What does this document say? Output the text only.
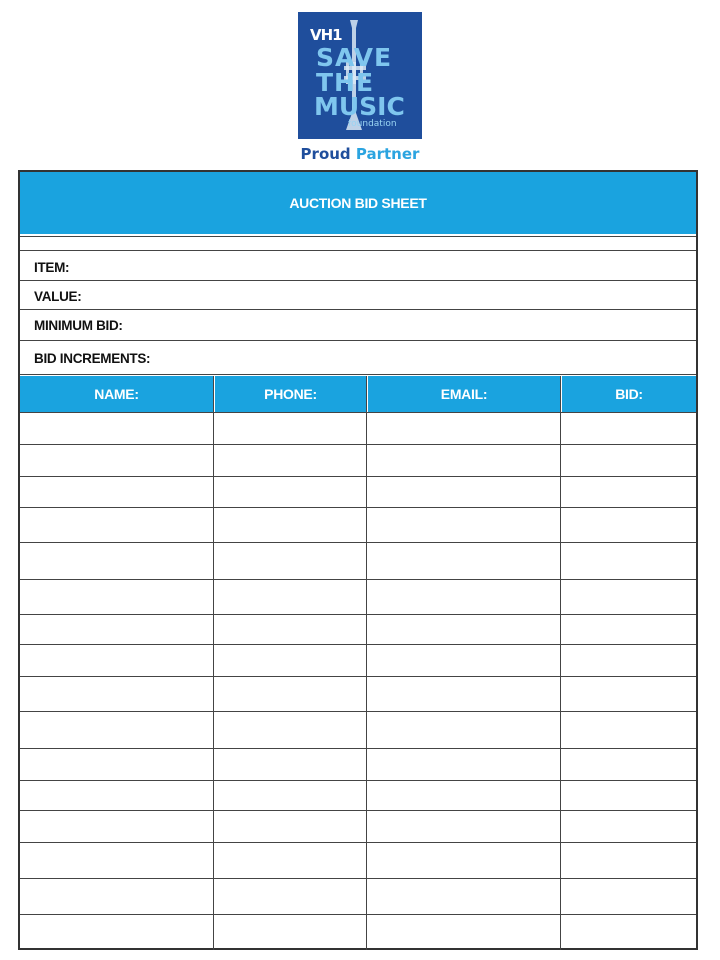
VH1
SAVE
THE
MUSIC
foundation
Proud Partner
AUCTION BID SHEET
ITEM:
VALUE:
MINIMUM BID:
BID INCREMENTS:
NAME:	PHONE:	EMAIL:	BID:
